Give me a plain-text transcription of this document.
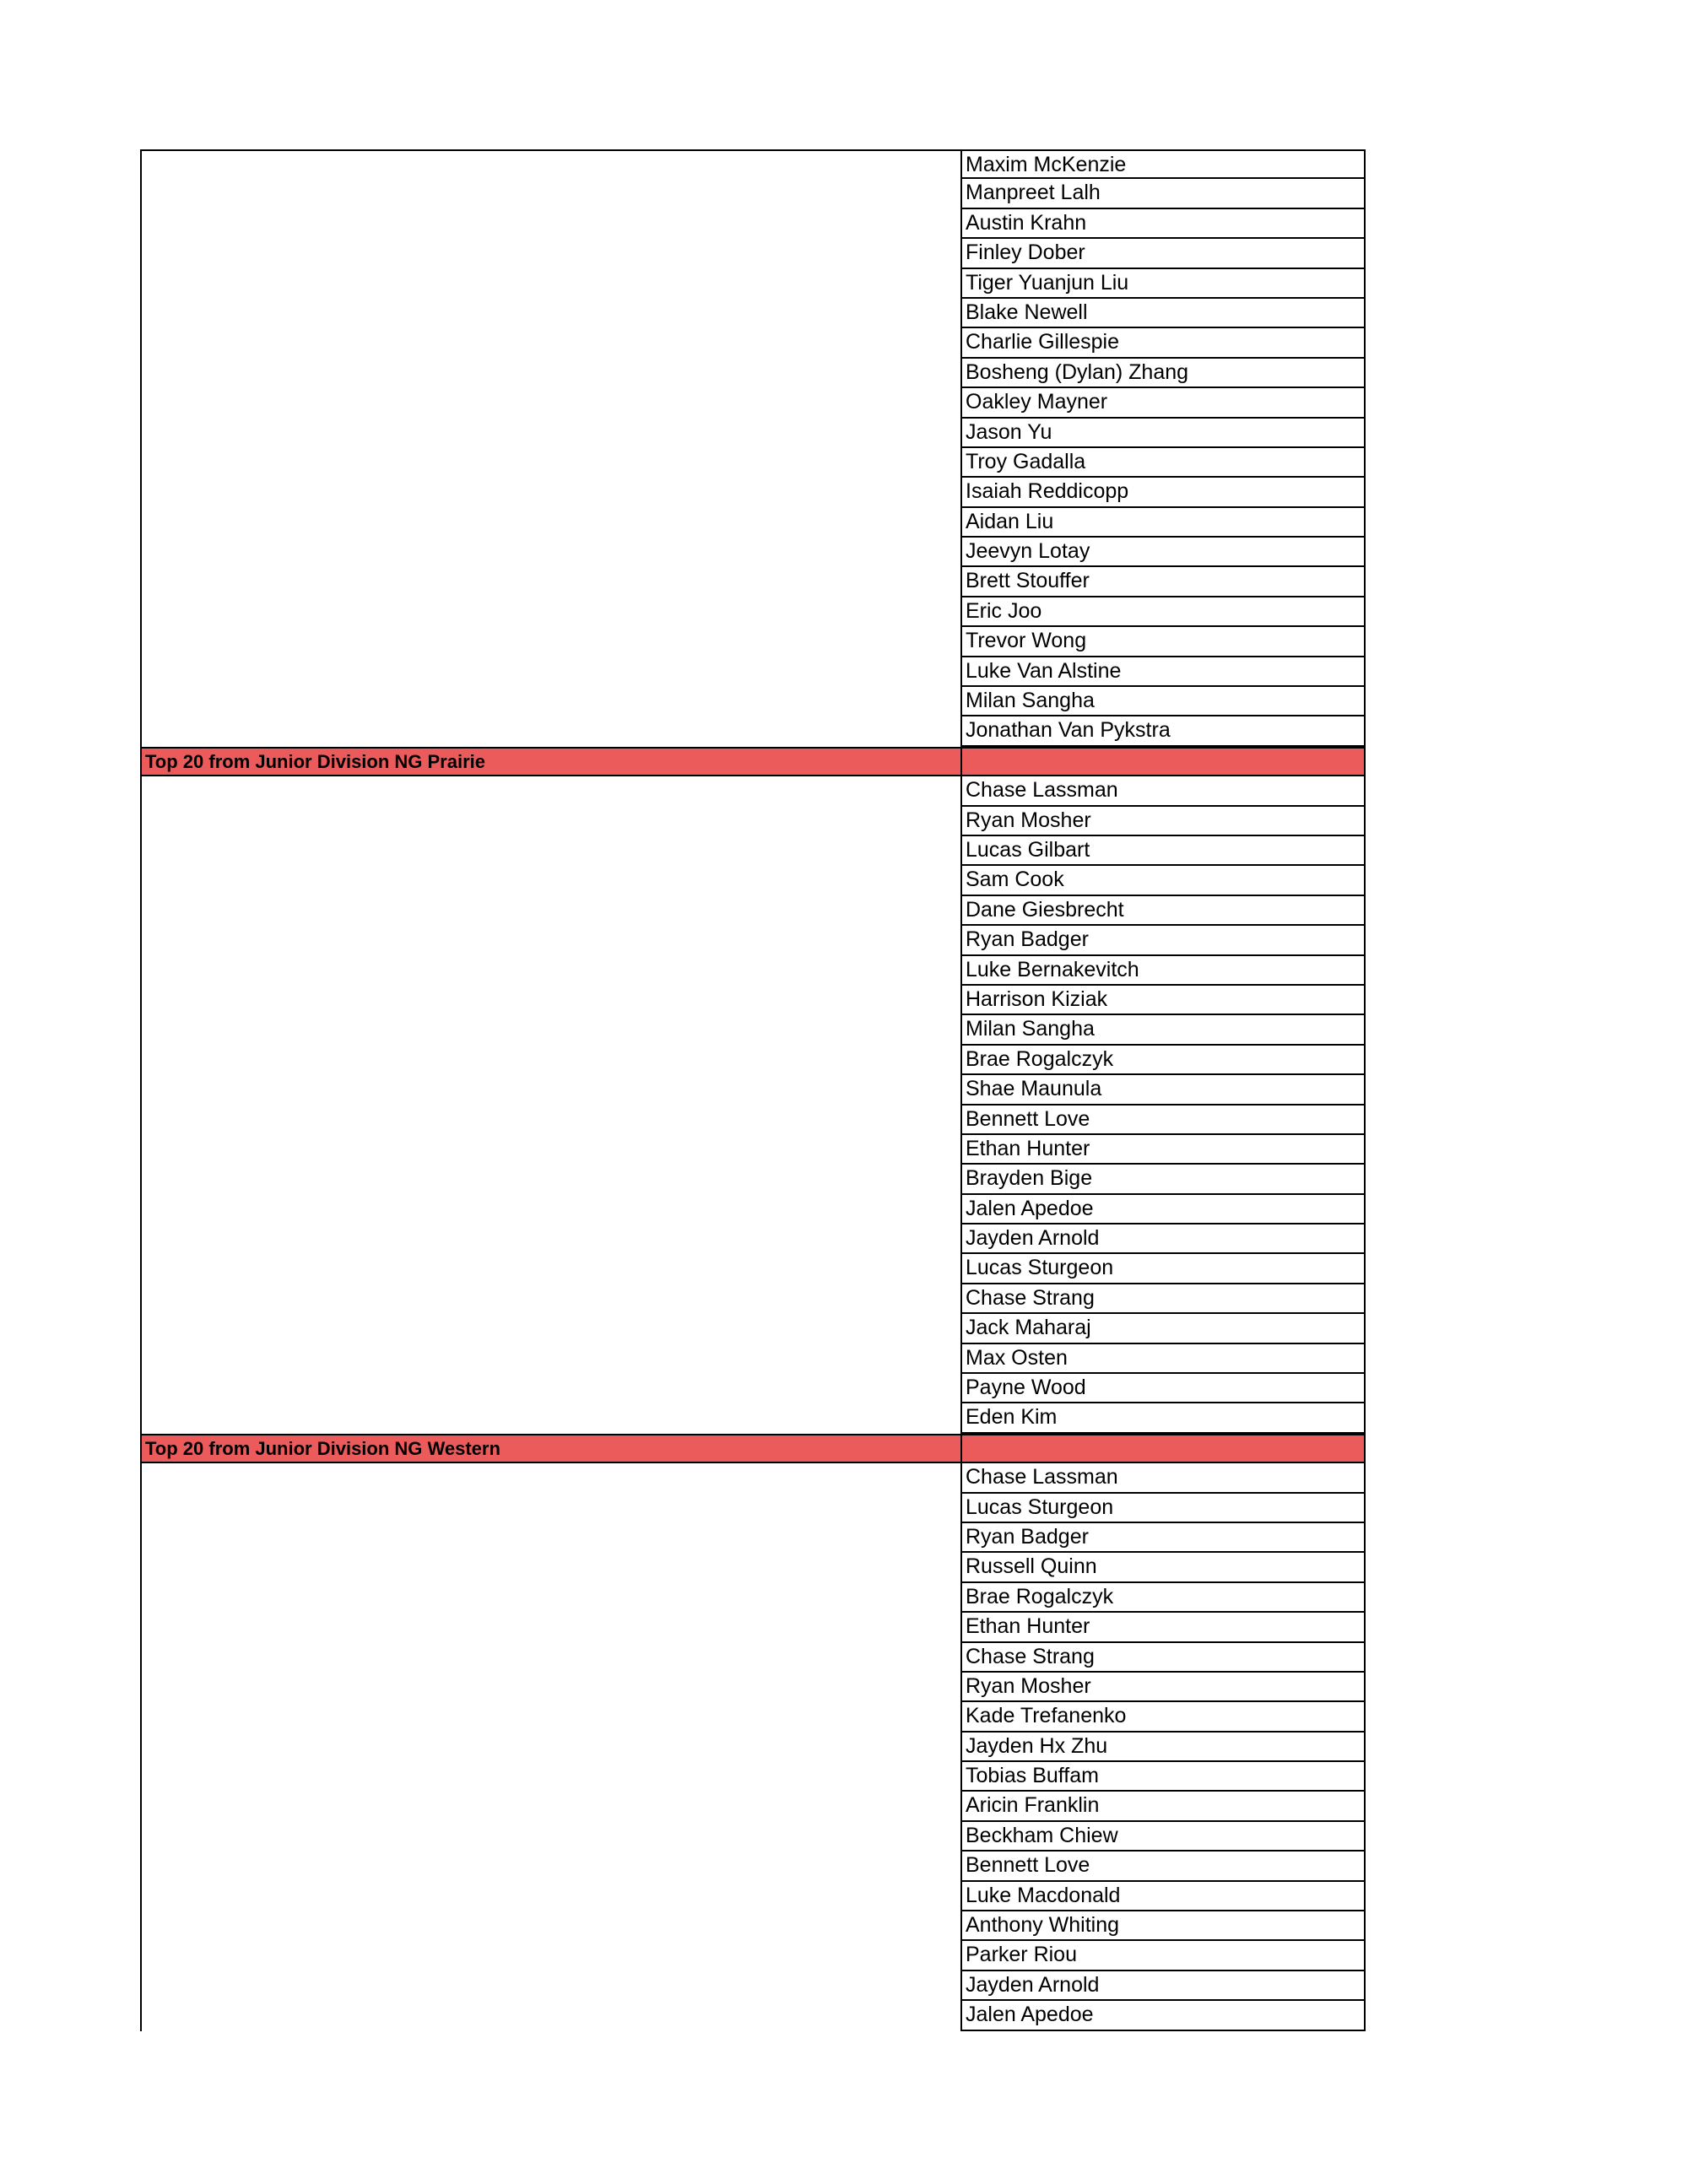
Maxim McKenzie
Manpreet Lalh
Austin Krahn
Finley Dober
Tiger Yuanjun Liu
Blake Newell
Charlie Gillespie
Bosheng (Dylan) Zhang
Oakley Mayner
Jason Yu
Troy Gadalla
Isaiah Reddicopp
Aidan Liu
Jeevyn Lotay
Brett Stouffer
Eric Joo
Trevor Wong
Luke Van Alstine
Milan Sangha
Jonathan Van Pykstra
Top 20 from Junior Division NG Prairie
Chase Lassman
Ryan Mosher
Lucas Gilbart
Sam Cook
Dane Giesbrecht
Ryan Badger
Luke Bernakevitch
Harrison Kiziak
Milan Sangha
Brae Rogalczyk
Shae Maunula
Bennett Love
Ethan Hunter
Brayden Bige
Jalen Apedoe
Jayden Arnold
Lucas Sturgeon
Chase Strang
Jack Maharaj
Max Osten
Payne Wood
Eden Kim
Top 20 from Junior Division NG Western
Chase Lassman
Lucas Sturgeon
Ryan Badger
Russell Quinn
Brae Rogalczyk
Ethan Hunter
Chase Strang
Ryan Mosher
Kade Trefanenko
Jayden Hx Zhu
Tobias Buffam
Aricin Franklin
Beckham Chiew
Bennett Love
Luke Macdonald
Anthony Whiting
Parker Riou
Jayden Arnold
Jalen Apedoe
